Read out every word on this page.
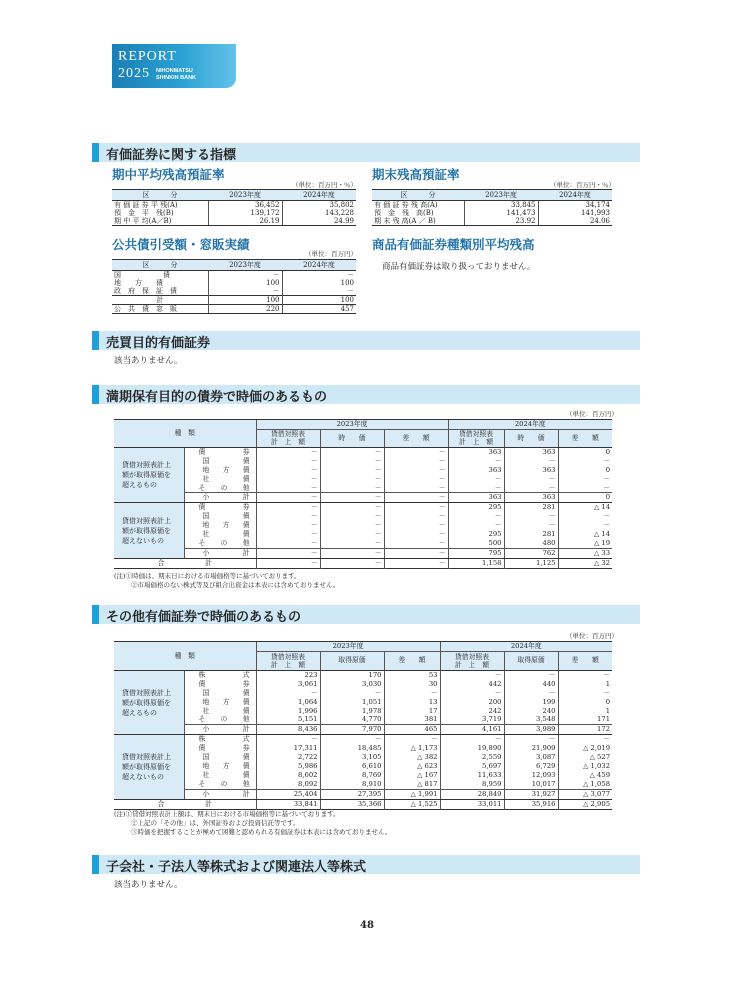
REPORT
2025 NIHONMATSU
SHINKIN BANK
有価証券に関する指標
期中平均残高預証率
（単位：百万円・％）
区　　　分	2023年度	2024年度
有 価 証 券 平 残(A)	36,452	35,802
預　金　平　残(B)	139,172	143,228
期 中 平 均(A／B)	26.19	24.99
期末残高預証率
（単位：百万円・％）
区　　　分	2023年度	2024年度
有 価 証 券 残 高(A)	33,845	34,174
預　金　残　高(B)	141,473	141,993
期 末 残 高(A ／ B)	23.92	24.06
公共債引受額・窓販実績
（単位：百万円）
区　　　分	2023年度	2024年度
国　　　　　　債	－	－
地　　方　　債	100	100
政　府　保　証　債	－	－
計	100	100
公　共　債　窓　販	220	457
商品有価証券種類別平均残高
商品有価証券は取り扱っておりません。
売買目的有価証券
該当ありません。
満期保有目的の債券で時価のあるもの
（単位：百万円）
種　類		2023年度			2024年度		
		貸借対照表
計　上　額	時　　価	差　　額	貸借対照表
計　上　額	時　　価	差　　額
貸借対照表計上額が取得原価を超えるもの	債　　　券	－	－	－	363	363	0
	国　　　債	－	－	－	－	－	－
	地　方　債	－	－	－	363	363	0
	社　　　債	－	－	－	－	－	－
	そ　の　他	－	－	－	－	－	－
	小　　　計	－	－	－	363	363	0
貸借対照表計上額が取得原価を超えないもの	債　　　券	－	－	－	295	281	△ 14
	国　　　債	－	－	－	－	－	－
	地　方　債	－	－	－	－	－	－
	社　　　債	－	－	－	295	281	△ 14
	そ　の　他	－	－	－	500	480	△ 19
	小　　　計	－	－	－	795	762	△ 33
合　　　　　　計		－	－	－	1,158	1,125	△ 32
(注)①時価は、期末日における市場価格等に基づいております。
②市場価格のない株式等及び組合出資金は本表には含めておりません。
その他有価証券で時価のあるもの
（単位：百万円）
種　類		2023年度			2024年度		
		貸借対照表
計　上　額	取得原価	差　　額	貸借対照表
計　上　額	取得原価	差　　額
貸借対照表計上額が取得原価を超えるもの	株　　　式	223	170	53	－	－	－
	債　　　券	3,061	3,030	30	442	440	1
	国　　　債	－	－	－	－	－	－
	地　方　債	1,064	1,051	13	200	199	0
	社　　　債	1,996	1,978	17	242	240	1
	そ　の　他	5,151	4,770	381	3,719	3,548	171
	小　　　計	8,436	7,970	465	4,161	3,989	172
貸借対照表計上額が取得原価を超えないもの	株　　　式	－	－	－	－	－	－
	債　　　券	17,311	18,485	△ 1,173	19,890	21,909	△ 2,019
	国　　　債	2,722	3,105	△ 382	2,559	3,087	△ 527
	地　方　債	5,986	6,610	△ 623	5,697	6,729	△ 1,032
	社　　　債	8,602	8,769	△ 167	11,633	12,093	△ 459
	そ　の　他	8,092	8,910	△ 817	8,959	10,017	△ 1,058
	小　　　計	25,404	27,395	△ 1,991	28,849	31,927	△ 3,077
合　　　　　　計		33,841	35,366	△ 1,525	33,011	35,916	△ 2,905
(注)①貸借対照表計上額は、期末日における市場価格等に基づいております。
②上記の「その他」は、外国証券および投資信託等です。
③時価を把握することが極めて困難と認められる有価証券は本表には含めておりません。
子会社・子法人等株式および関連法人等株式
該当ありません。
48
